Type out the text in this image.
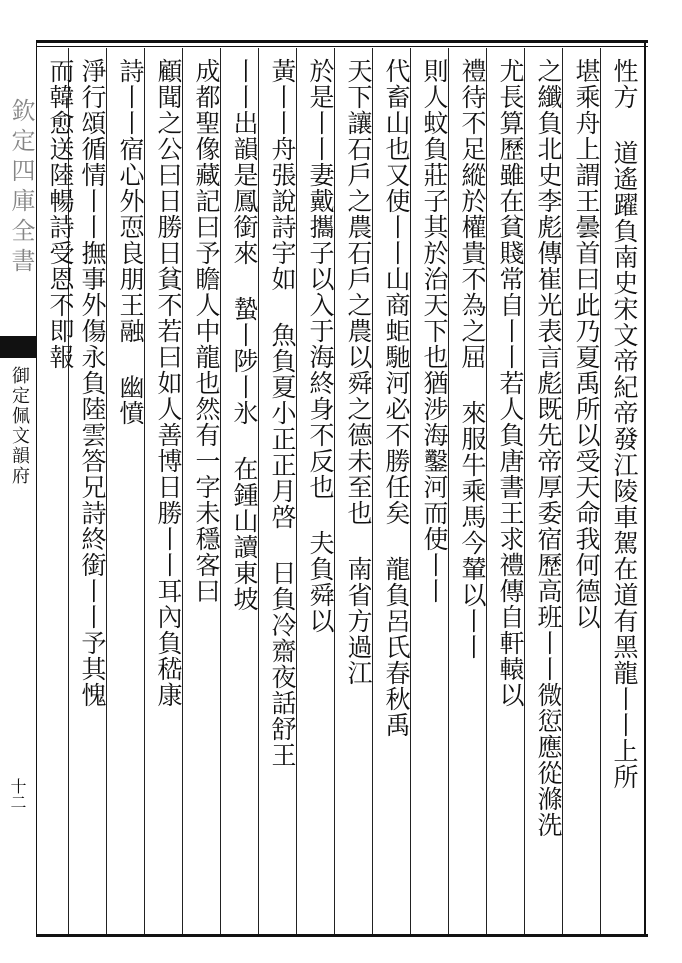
欽定四庫全書
御定佩文韻府
十二
性方 道遙躍負南史宋文帝紀帝發江陵車駕在道有黑龍丨丨上所
堪乘舟上謂王曇首曰此乃夏禹所以受天命我何德以
之纖負北史李彪傳崔光表言彪既先帝厚委宿歷高班丨丨微愆應從滌洗
尤長算歷雖在貧賤常自丨丨若人負唐書王求禮傳自軒轅以
禮待不足縱於權貴不為之屈 來服牛乘馬今輦以丨丨
則人蚊負莊子其於治天下也猶涉海鑿河而使丨丨
代畜山也又使丨丨山商蚷馳河必不勝任矣 龍負呂氏春秋禹
天下讓石戶之農石戶之農以舜之德未至也 南省方過江
於是丨丨妻戴攜子以入于海終身不反也 夫負舜以
黃丨丨舟張說詩宇如 魚負夏小正正月啓 日負冷齋夜話舒王
丨丨出韻是鳳銜來 蟄丨陟丨氷 在鍾山讀東坡
成都聖像藏記曰予瞻人中龍也然有一字未穩客曰
顧聞之公曰日勝日貧不若曰如人善博日勝丨丨耳內負嵇康
詩丨丨宿心外恧良朋王融 幽憤
淨行頌循情丨丨撫事外傷永負陸雲答兄詩終銜丨丨予其愧
而韓愈送陸暢詩受恩不即報
